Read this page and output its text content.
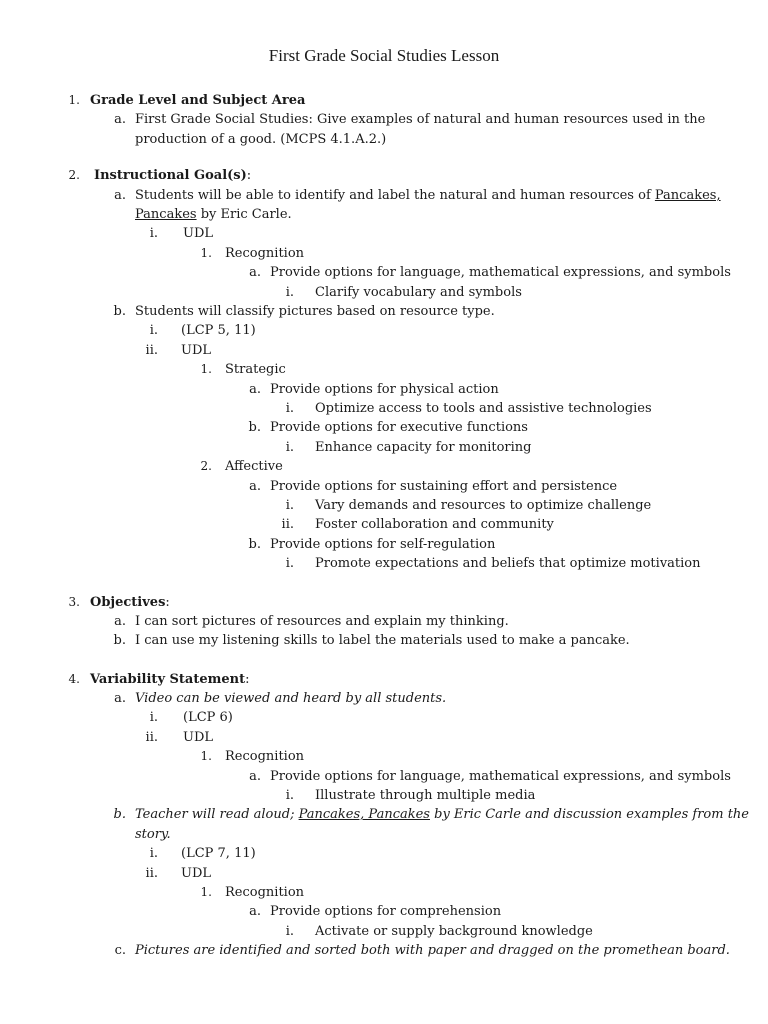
First Grade Social Studies Lesson
1. Grade Level and Subject Area
a. First Grade Social Studies: Give examples of natural and human resources used in the
production of a good. (MCPS 4.1.A.2.)
2. Instructional Goal(s):
a. Students will be able to identify and label the natural and human resources of Pancakes,
Pancakes by Eric Carle.
i. UDL
1. Recognition
a. Provide options for language, mathematical expressions, and symbols
i. Clarify vocabulary and symbols
b. Students will classify pictures based on resource type.
i. (LCP 5, 11)
ii. UDL
1. Strategic
a. Provide options for physical action
i. Optimize access to tools and assistive technologies
b. Provide options for executive functions
i. Enhance capacity for monitoring
2. Affective
a. Provide options for sustaining effort and persistence
i. Vary demands and resources to optimize challenge
ii. Foster collaboration and community
b. Provide options for self-regulation
i. Promote expectations and beliefs that optimize motivation
3. Objectives:
a. I can sort pictures of resources and explain my thinking.
b. I can use my listening skills to label the materials used to make a pancake.
4. Variability Statement:
a. Video can be viewed and heard by all students.
i. (LCP 6)
ii. UDL
1. Recognition
a. Provide options for language, mathematical expressions, and symbols
i. Illustrate through multiple media
b. Teacher will read aloud; Pancakes, Pancakes by Eric Carle and discussion examples from the
story.
i. (LCP 7, 11)
ii. UDL
1. Recognition
a. Provide options for comprehension
i. Activate or supply background knowledge
c. Pictures are identified and sorted both with paper and dragged on the promethean board.
